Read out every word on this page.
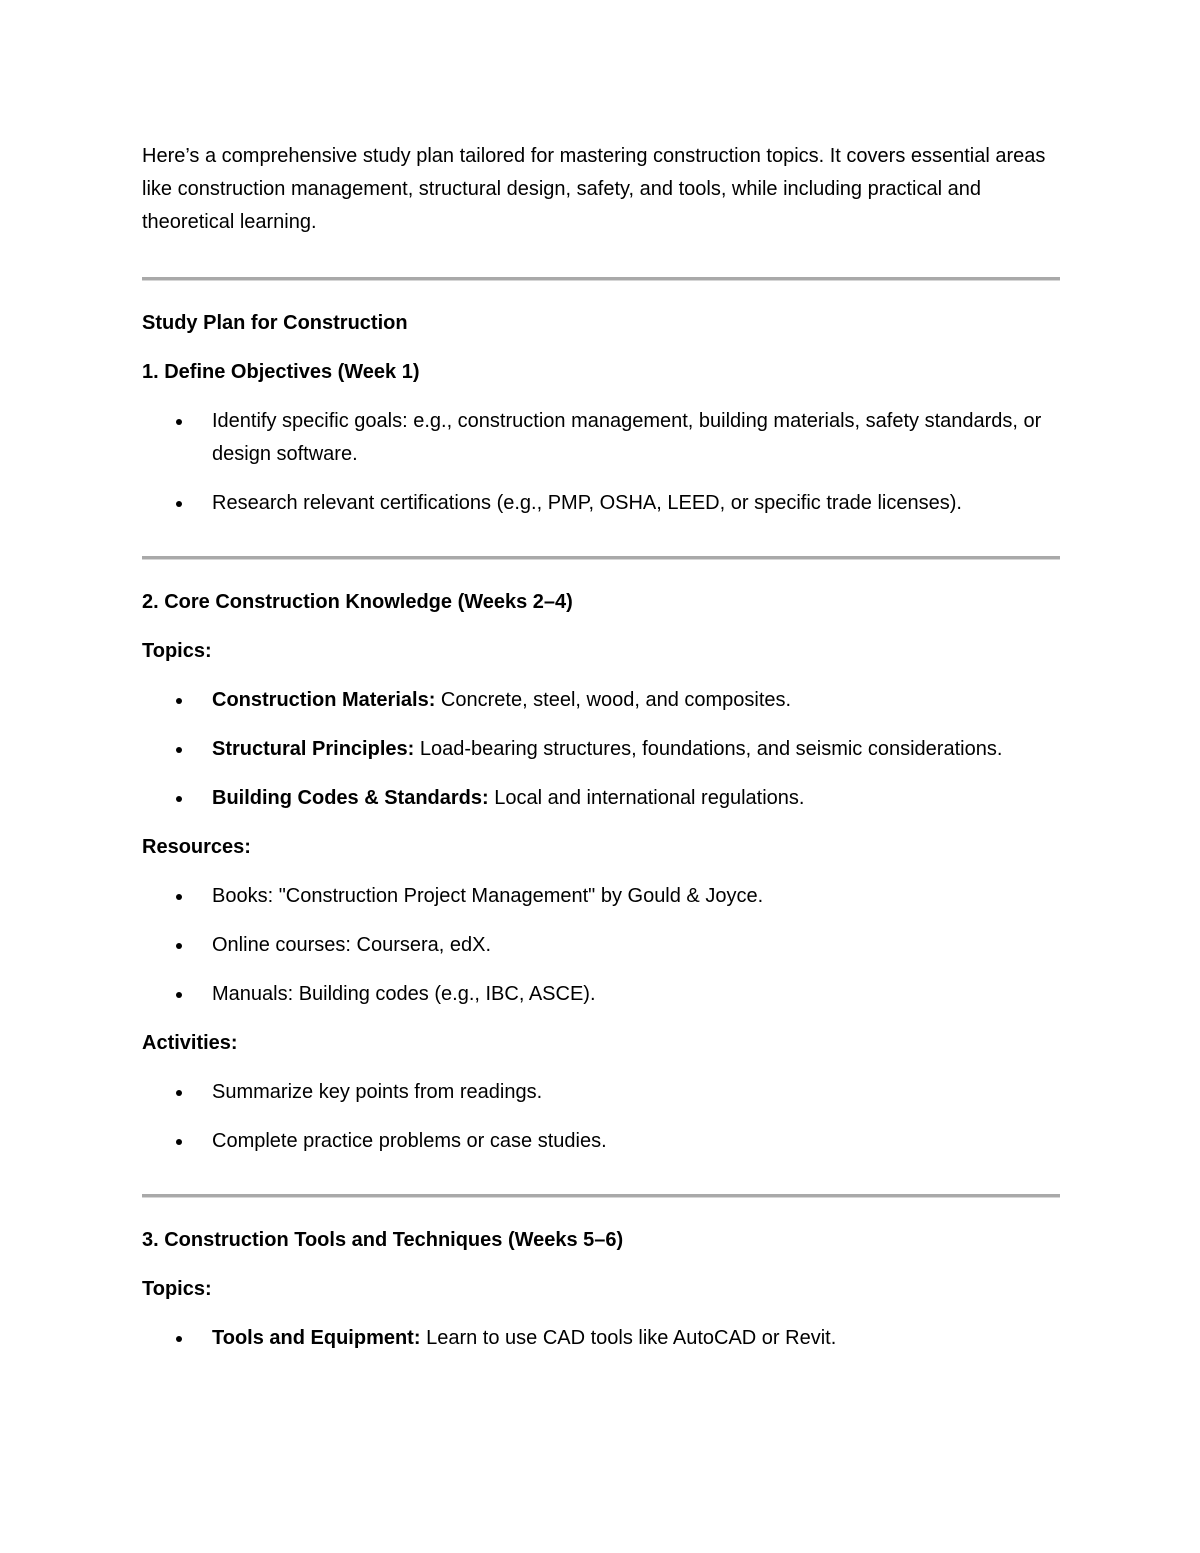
Here’s a comprehensive study plan tailored for mastering construction topics. It covers essential areas like construction management, structural design, safety, and tools, while including practical and theoretical learning.

Study Plan for Construction

1. Define Objectives (Week 1)

Identify specific goals: e.g., construction management, building materials, safety standards, or design software.
Research relevant certifications (e.g., PMP, OSHA, LEED, or specific trade licenses).

2. Core Construction Knowledge (Weeks 2–4)

Topics:

Construction Materials: Concrete, steel, wood, and composites.
Structural Principles: Load-bearing structures, foundations, and seismic considerations.
Building Codes & Standards: Local and international regulations.

Resources:

Books: "Construction Project Management" by Gould & Joyce.
Online courses: Coursera, edX.
Manuals: Building codes (e.g., IBC, ASCE).

Activities:

Summarize key points from readings.
Complete practice problems or case studies.

3. Construction Tools and Techniques (Weeks 5–6)

Topics:

Tools and Equipment: Learn to use CAD tools like AutoCAD or Revit.
